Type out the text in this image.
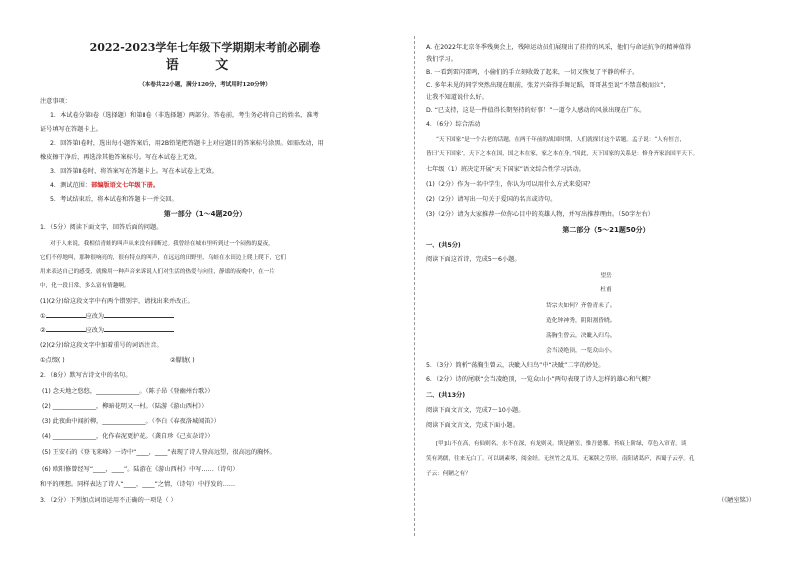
2022-2023学年七年级下学期期末考前必刷卷
语 文
（本卷共22小题，满分120分，考试用时120分钟）
注意事项：
1．本试卷分第Ⅰ卷（选择题）和第Ⅱ卷（非选择题）两部分。答卷前，考生务必将自己的姓名、准考
证号填写在答题卡上。
2．回答第Ⅰ卷时，选出每小题答案后，用2B铅笔把答题卡上对应题目的答案标号涂黑。如需改动，用
橡皮擦干净后，再选涂其他答案标号。写在本试卷上无效。
3．回答第Ⅱ卷时，将答案写在答题卡上。写在本试卷上无效。
4．测试范围：部编版语文七年级下册。
5．考试结束后，将本试卷和答题卡一并交回。
第一部分（1～4题20分）
1．（5分）阅读下面文字，回答后面的问题。
对于人来说，我相信青蛙的叫声从来没有间断过。我曾经在城市里听到过一个闷热的夏夜，
它们不停地叫，那种很响亮的，很有特点的叫声，在远远的田野里，乌蛙在水田边上爬上爬下，它们
用来表达自己的感受，就像用一种声音来诉说人们对生活的热爱与向往，静谧的夜晚中，在一片
中，化一段日常，多么富有情趣啊。
(1)(2分)给这段文字中有两个错别字，请找出来并改正。
①	应改为
②	应改为
(2)(2分)给这段文字中加着重号的词语注音。
①点缀( )	②朦胧( )
2．（8分）默写古诗文中的名句。
(1) 念天地之悠悠，______________。（陈子昂《登幽州台歌》）
(2) ______________，柳暗花明又一村。（陆游《游山西村》）
(3) 此夜曲中闻折柳，______________。（李白《春夜洛城闻笛》）
(4) ______________，化作春泥更护花。（龚自珍《己亥杂诗》）
(5) 王安石的《登飞来峰》一诗中“____，____”表现了诗人登高远望，很高远的胸怀。
(6) 欧阳修曾经写“____，____”。陆游在《游山西村》中写……（诗句）
和平的理想。同样表达了诗人“____，____”之情，（诗句）中抒发的……
3．（2分）下列加点词语运用不正确的一项是（ ）
A. 在2022年北京冬季残奥会上，残障运动员们展现出了挂持的风采，他们与命运抗争的精神值得
我们学习。
B. 一看到雷闪雷鸣，小偷们的手立刻收敛了起来，一切又恢复了平静的样子。
C. 多年未见的同学突然出现在眼前，张芳兴奋得手舞足蹈，哥哥甚至说“不禁喜极而泣”，
让我不知道说什么好。
D. “已支持，这是一件值得长期坚持的好事！”一道令人感动的风景出现在广东。
4．（6分）综合活动
“天下国家”是一个古老的话题，在两千年前的战国时期，人们就探讨这个话题。孟子说：“人有恒言，
皆曰‘天下国家’。天下之本在国，国之本在家，家之本在身。”因此，天下国家的关系是：修身齐家治国平天下。
七年级（1）班决定开展“天下国家”语文综合性学习活动。
(1)（2分）作为一名中学生，你认为可以用什么方式来爱国？
(2)（2分）请写出一句关于爱国的名言或诗句。
(3)（2分）请为大家推荐一位你心目中的英雄人物，并写出推荐理由。（50字左右）
第二部分（5～21题50分）
一、(共5分)
阅读下面这首诗，完成5～6小题。
望岳
杜甫
岱宗夫如何？齐鲁青未了。
造化钟神秀，阴阳割昏晓。
荡胸生曾云，决眦入归鸟。
会当凌绝顶，一览众山小。
5．（3分）简析“荡胸生曾云，决眦入归鸟”中“决眦”二字的妙处。
6．（2分）诗的尾联“会当凌绝顶，一览众山小”两句表现了诗人怎样的雄心和气概？
二、(共13分)
阅读下面文言文，完成7～10小题。
阅读下面文言文，完成下面小题。
[甲]山不在高，有仙则名。水不在深，有龙则灵。斯是陋室，惟吾德馨。苔痕上阶绿，草色入帘青。谈
笑有鸿儒，往来无白丁。可以调素琴，阅金经。无丝竹之乱耳，无案牍之劳形。南阳诸葛庐，西蜀子云亭。孔
子云：何陋之有？
（《陋室铭》）
